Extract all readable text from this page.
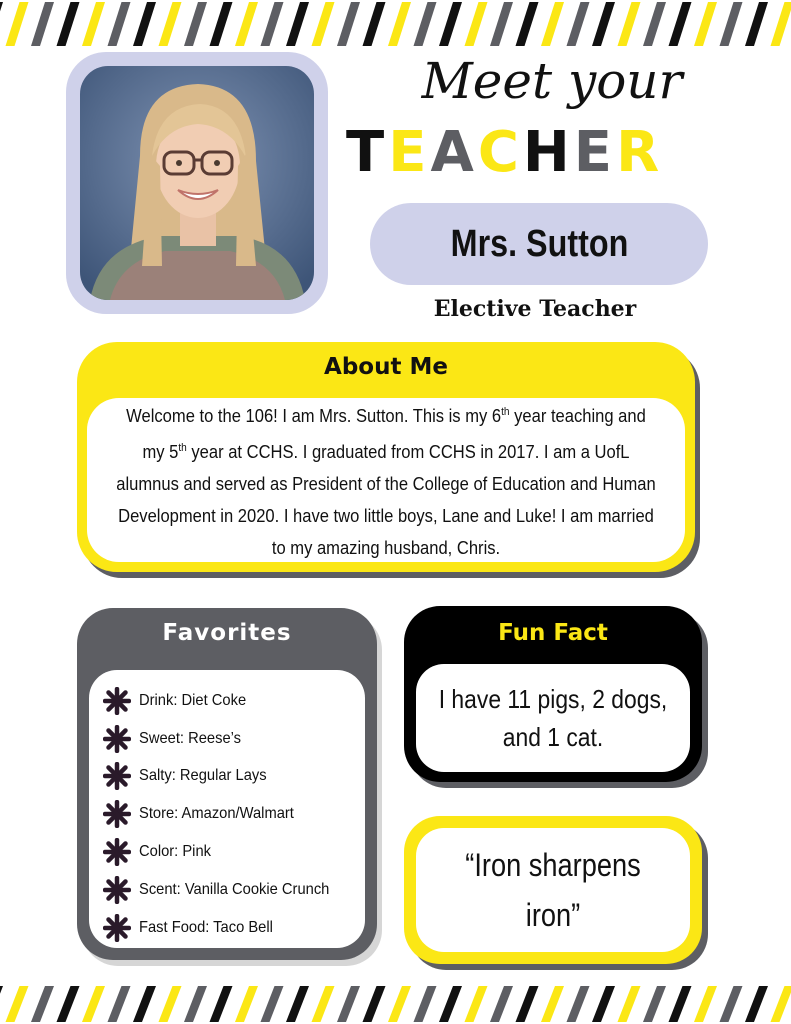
Meet your
TEACHER
Mrs. Sutton
Elective Teacher
About Me
Welcome to the 106! I am Mrs. Sutton. This is my 6th year teaching and my 5th year at CCHS. I graduated from CCHS in 2017. I am a UofL alumnus and served as President of the College of Education and Human Development in 2020. I have two little boys, Lane and Luke! I am married to my amazing husband, Chris.
Favorites
Drink: Diet Coke
Sweet: Reese’s
Salty: Regular Lays
Store: Amazon/Walmart
Color: Pink
Scent: Vanilla Cookie Crunch
Fast Food: Taco Bell
Fun Fact
I have 11 pigs, 2 dogs, and 1 cat.
“Iron sharpens iron”
